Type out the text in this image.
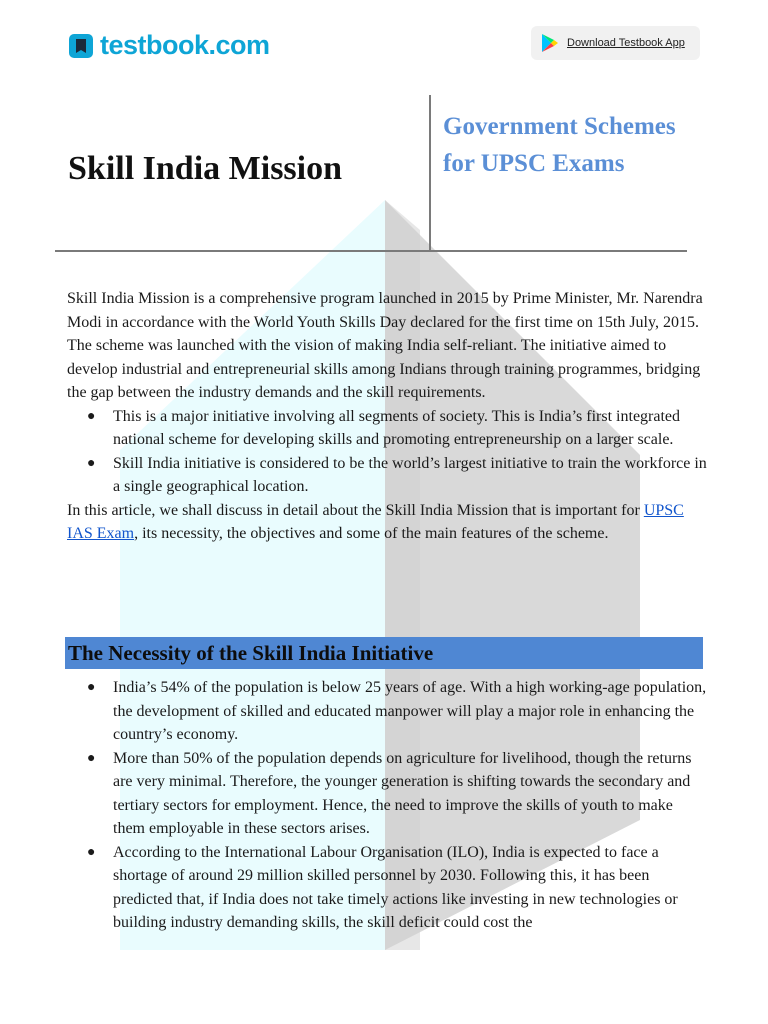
testbook.com	Download Testbook App
Skill India Mission
Government Schemes for UPSC Exams

Skill India Mission is a comprehensive program launched in 2015 by Prime Minister, Mr. Narendra Modi in accordance with the World Youth Skills Day declared for the first time on 15th July, 2015. The scheme was launched with the vision of making India self-reliant. The initiative aimed to develop industrial and entrepreneurial skills among Indians through training programmes, bridging the gap between the industry demands and the skill requirements.

● This is a major initiative involving all segments of society. This is India’s first integrated national scheme for developing skills and promoting entrepreneurship on a larger scale.
● Skill India initiative is considered to be the world’s largest initiative to train the workforce in a single geographical location.

In this article, we shall discuss in detail about the Skill India Mission that is important for UPSC IAS Exam, its necessity, the objectives and some of the main features of the scheme.

The Necessity of the Skill India Initiative
● India’s 54% of the population is below 25 years of age. With a high working-age population, the development of skilled and educated manpower will play a major role in enhancing the country’s economy.
● More than 50% of the population depends on agriculture for livelihood, though the returns are very minimal. Therefore, the younger generation is shifting towards the secondary and tertiary sectors for employment. Hence, the need to improve the skills of youth to make them employable in these sectors arises.
● According to the International Labour Organisation (ILO), India is expected to face a shortage of around 29 million skilled personnel by 2030. Following this, it has been predicted that, if India does not take timely actions like investing in new technologies or building industry demanding skills, the skill deficit could cost the
